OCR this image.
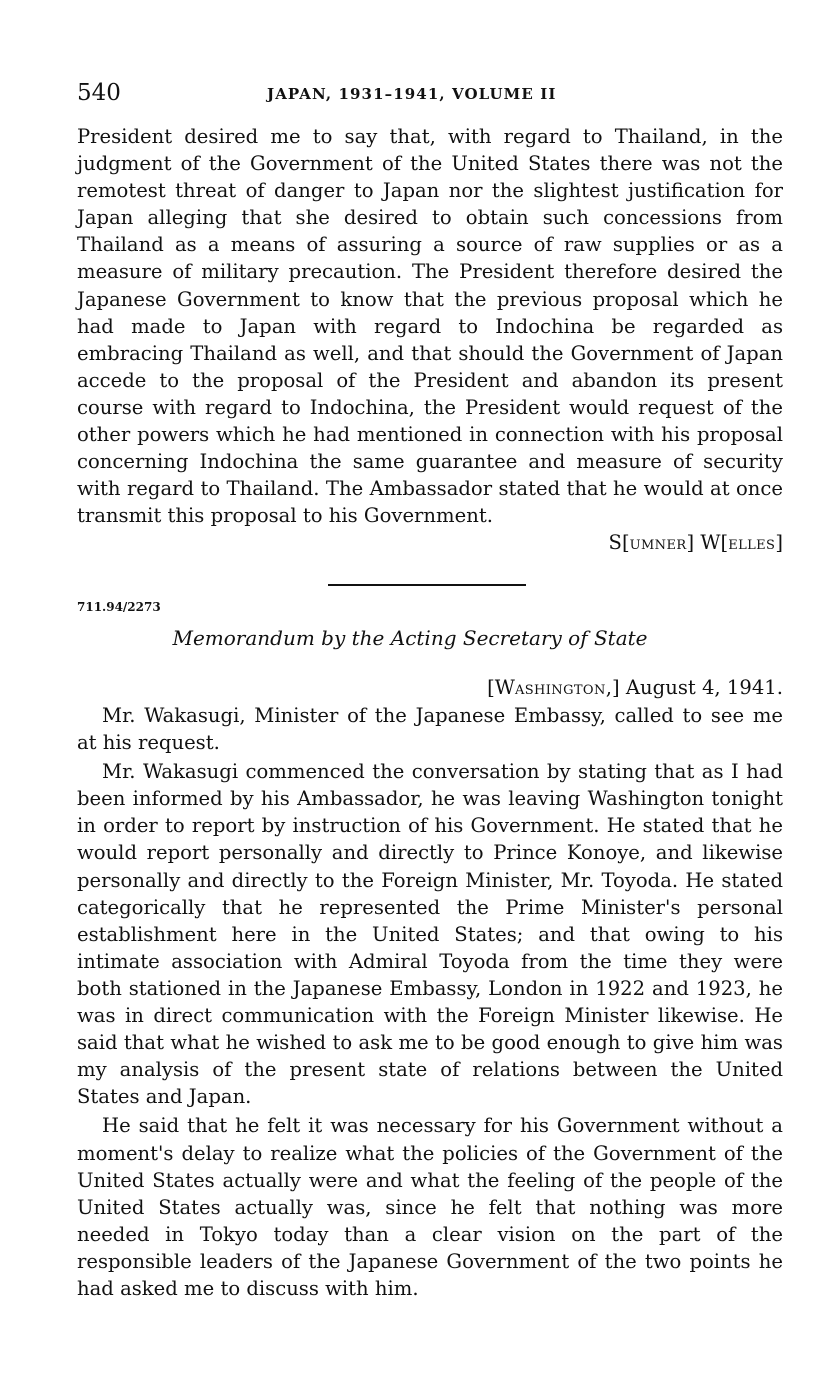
540	JAPAN, 1931–1941, VOLUME II

President desired me to say that, with regard to Thailand, in the judgment of the Government of the United States there was not the remotest threat of danger to Japan nor the slightest justification for Japan alleging that she desired to obtain such concessions from Thailand as a means of assuring a source of raw supplies or as a measure of military precaution. The President therefore desired the Japanese Government to know that the previous proposal which he had made to Japan with regard to Indochina be regarded as embracing Thailand as well, and that should the Government of Japan accede to the proposal of the President and abandon its present course with regard to Indochina, the President would request of the other powers which he had mentioned in connection with his proposal concerning Indochina the same guarantee and measure of security with regard to Thailand. The Ambassador stated that he would at once transmit this proposal to his Government.

S[UMNER] W[ELLES]

711.94/2273
Memorandum by the Acting Secretary of State
[WASHINGTON,] August 4, 1941.

Mr. Wakasugi, Minister of the Japanese Embassy, called to see me at his request.

Mr. Wakasugi commenced the conversation by stating that as I had been informed by his Ambassador, he was leaving Washington tonight in order to report by instruction of his Government. He stated that he would report personally and directly to Prince Konoye, and likewise personally and directly to the Foreign Minister, Mr. Toyoda. He stated categorically that he represented the Prime Minister's personal establishment here in the United States; and that owing to his intimate association with Admiral Toyoda from the time they were both stationed in the Japanese Embassy, London in 1922 and 1923, he was in direct communication with the Foreign Minister likewise. He said that what he wished to ask me to be good enough to give him was my analysis of the present state of relations between the United States and Japan.

He said that he felt it was necessary for his Government without a moment's delay to realize what the policies of the Government of the United States actually were and what the feeling of the people of the United States actually was, since he felt that nothing was more needed in Tokyo today than a clear vision on the part of the responsible leaders of the Japanese Government of the two points he had asked me to discuss with him.
